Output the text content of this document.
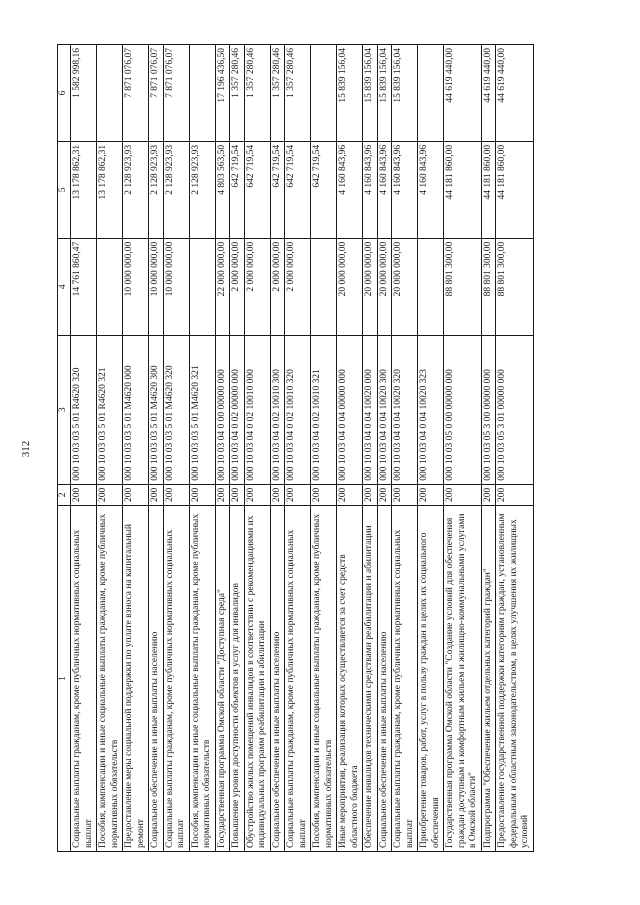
312
1	2	3	4	5	6
Социальные выплаты гражданам, кроме публичных нормативных социальных выплат	200	000 10 03 03 5 01 R4620 320	14 761 860,47	13 178 862,31	1 582 998,16
Пособия, компенсации и иные социальные выплаты гражданам, кроме публичных нормативных обязательств	200	000 10 03 03 5 01 R4620 321		13 178 862,31	
Предоставление меры социальной поддержки по уплате взноса на капитальный ремонт	200	000 10 03 03 5 01 M4620 000	10 000 000,00	2 128 923,93	7 871 076,07
Социальное обеспечение и иные выплаты населению	200	000 10 03 03 5 01 M4620 300	10 000 000,00	2 128 923,93	7 871 076,07
Социальные выплаты гражданам, кроме публичных нормативных социальных выплат	200	000 10 03 03 5 01 M4620 320	10 000 000,00	2 128 923,93	7 871 076,07
Пособия, компенсации и иные социальные выплаты гражданам, кроме публичных нормативных обязательств	200	000 10 03 03 5 01 M4620 321		2 128 923,93	
Государственная программа Омской области "Доступная среда"	200	000 10 03 04 0 00 00000 000	22 000 000,00	4 803 563,50	17 196 436,50
Повышение уровня доступности объектов и услуг для инвалидов	200	000 10 03 04 0 02 00000 000	2 000 000,00	642 719,54	1 357 280,46
Обустройство жилых помещений инвалидов в соответствии с рекомендациями их индивидуальных программ реабилитации и абилитации	200	000 10 03 04 0 02 10010 000	2 000 000,00	642 719,54	1 357 280,46
Социальное обеспечение и иные выплаты населению	200	000 10 03 04 0 02 10010 300	2 000 000,00	642 719,54	1 357 280,46
Социальные выплаты гражданам, кроме публичных нормативных социальных выплат	200	000 10 03 04 0 02 10010 320	2 000 000,00	642 719,54	1 357 280,46
Пособия, компенсации и иные социальные выплаты гражданам, кроме публичных нормативных обязательств	200	000 10 03 04 0 02 10010 321		642 719,54	
Иные мероприятия, реализация которых осуществляется за счет средств областного бюджета	200	000 10 03 04 0 04 00000 000	20 000 000,00	4 160 843,96	15 839 156,04
Обеспечение инвалидов техническими средствами реабилитации и абилитации	200	000 10 03 04 0 04 10020 000	20 000 000,00	4 160 843,96	15 839 156,04
Социальное обеспечение и иные выплаты населению	200	000 10 03 04 0 04 10020 300	20 000 000,00	4 160 843,96	15 839 156,04
Социальные выплаты гражданам, кроме публичных нормативных социальных выплат	200	000 10 03 04 0 04 10020 320	20 000 000,00	4 160 843,96	15 839 156,04
Приобретение товаров, работ, услуг в пользу граждан в целях их социального обеспечения	200	000 10 03 04 0 04 10020 323		4 160 843,96	
Государственная программа Омской области "Создание условий для обеспечения граждан доступным и комфортным жильем и жилищно-коммунальными услугами в Омской области"	200	000 10 03 05 0 00 00000 000	88 801 300,00	44 181 860,00	44 619 440,00
Подпрограмма "Обеспечение жильем отдельных категорий граждан"	200	000 10 03 05 3 00 00000 000	88 801 300,00	44 181 860,00	44 619 440,00
Предоставление государственной поддержки категориям граждан, установленным федеральным и областным законодательством, в целях улучшения их жилищных условий	200	000 10 03 05 3 01 00000 000	88 801 300,00	44 181 860,00	44 619 440,00
